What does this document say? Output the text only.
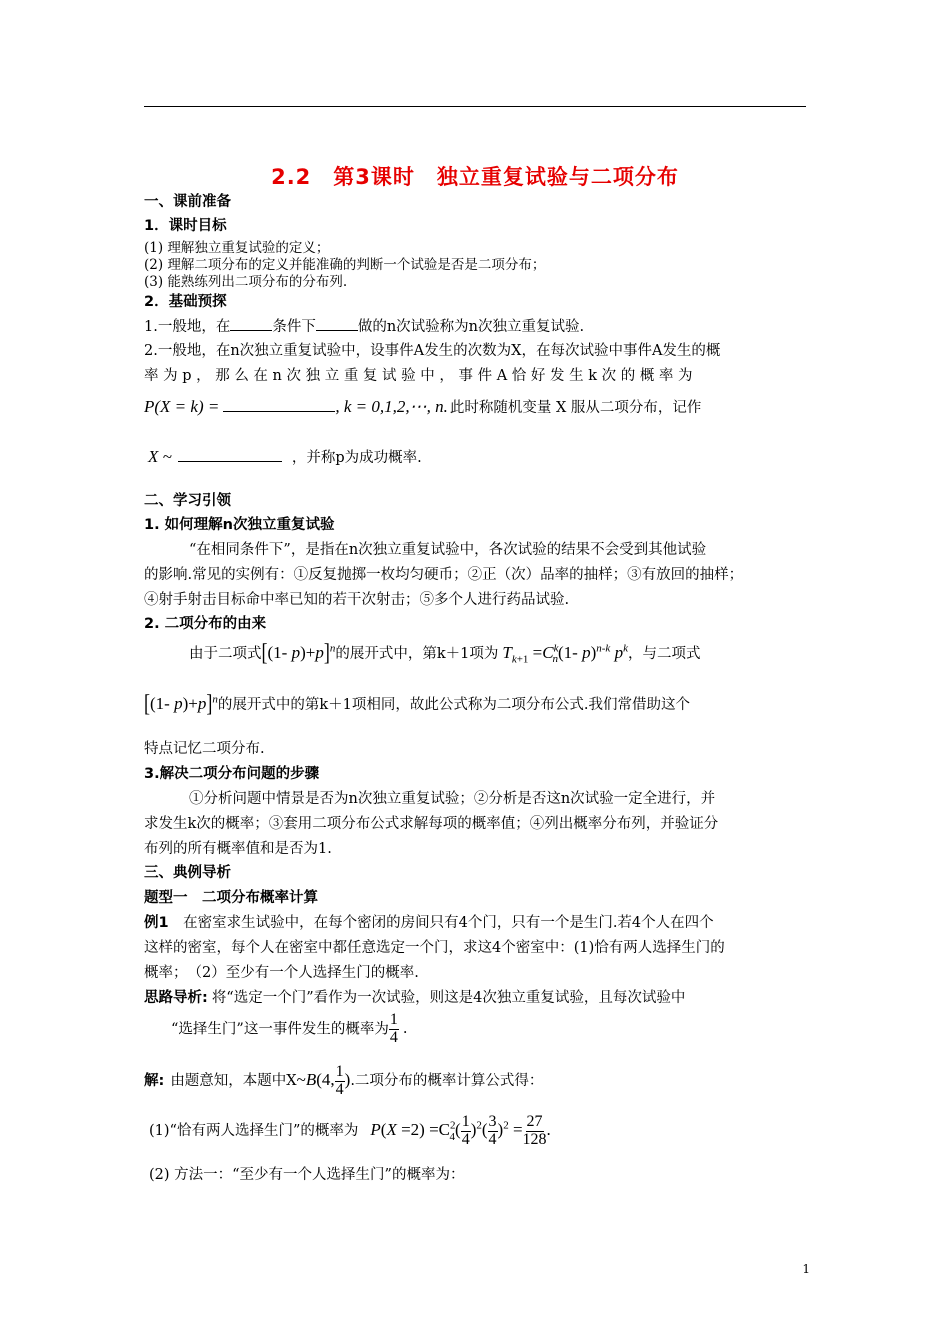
2.2　第3课时　独立重复试验与二项分布
一、课前准备
1．课时目标
(1) 理解独立重复试验的定义；
(2) 理解二项分布的定义并能准确的判断一个试验是否是二项分布；
(3) 能熟练列出二项分布的分布列.
2．基础预探
1.一般地，在	条件下	做的n次试验称为n次独立重复试验.
2.一般地，在n次独立重复试验中，设事件A发生的次数为X，在每次试验中事件A发生的概
率 为 p ， 那 么 在 n 次 独 立 重 复 试 验 中 ， 事 件 A 恰 好 发 生 k 次 的 概 率 为
P(X = k) =	, k = 0,1,2,⋯, n. 此时称随机变量 X 服从二项分布，记作
X ~	，并称p为成功概率.
二、学习引领
1. 如何理解n次独立重复试验
“在相同条件下”，是指在n次独立重复试验中，各次试验的结果不会受到其他试验
的影响.常见的实例有：①反复抛掷一枚均匀硬币；②正（次）品率的抽样；③有放回的抽样；
④射手射击目标命中率已知的若干次射击；⑤多个人进行药品试验.
2. 二项分布的由来
由于二项式[(1- p)+p]$^n$的展开式中，第k＋1项为 $T_{k+1} =C^k_n(1-$ p)$^{n-k}$ $p^k$，与二项式
[(1- p)+p]$^n$的展开式中的第k＋1项相同，故此公式称为二项分布公式.我们常借助这个
特点记忆二项分布.
3.解决二项分布问题的步骤
①分析问题中情景是否为n次独立重复试验；②分析是否这n次试验一定全进行，并
求发生k次的概率；③套用二项分布公式求解每项的概率值；④列出概率分布列，并验证分
布列的所有概率值和是否为1.
三、典例导析
题型一　二项分布概率计算
例1　在密室求生试验中，在每个密闭的房间只有4个门，只有一个是生门.若4个人在四个
这样的密室，每个人在密室中都任意选定一个门，求这4个密室中：(1)恰有两人选择生门的
概率；　（2）至少有一个人选择生门的概率.
思路导析: 将“选定一个门”看作为一次试验，则这是4次独立重复试验，且每次试验中
“选择生门”这一事件发生的概率为 $\frac{1}{4}$ .
解: 由题意知，本题中X~B(4, $\frac{1}{4}$ ).二项分布的概率计算公式得：
(1)“恰有两人选择生门”的概率为 $P(X =2) =C^2_4( \frac{1}{4} )^2( \frac{3}{4} )^2 = \frac{27}{128}$ .
(2) 方法一：“至少有一个人选择生门”的概率为：
1
